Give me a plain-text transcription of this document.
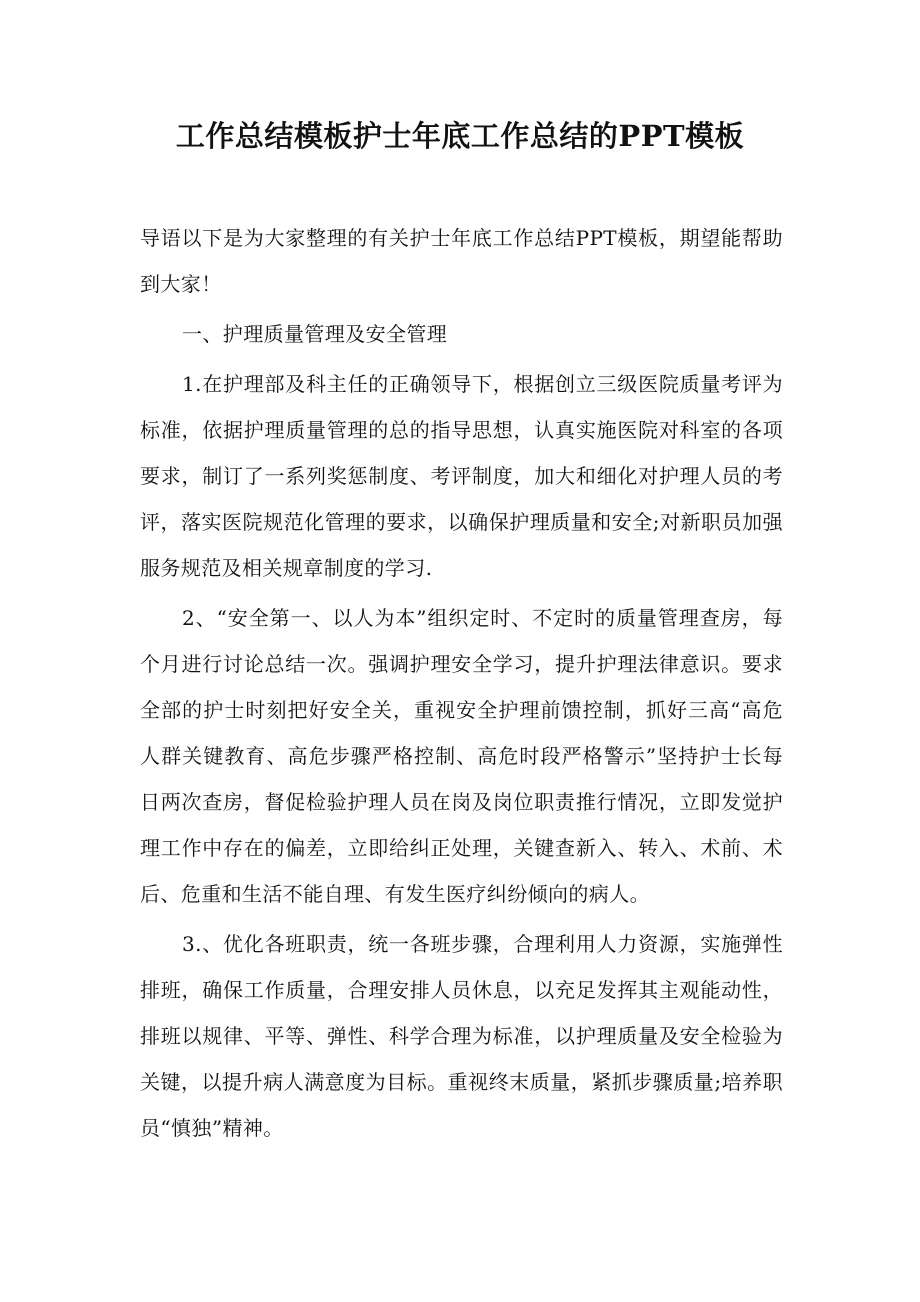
工作总结模板护士年底工作总结的PPT模板

导语以下是为大家整理的有关护士年底工作总结PPT模板，期望能帮助到大家！

一、护理质量管理及安全管理

1.在护理部及科主任的正确领导下，根据创立三级医院质量考评为标准，依据护理质量管理的总的指导思想，认真实施医院对科室的各项要求，制订了一系列奖惩制度、考评制度，加大和细化对护理人员的考评，落实医院规范化管理的要求，以确保护理质量和安全;对新职员加强服务规范及相关规章制度的学习.

2、“安全第一、以人为本”组织定时、不定时的质量管理查房，每个月进行讨论总结一次。强调护理安全学习，提升护理法律意识。要求全部的护士时刻把好安全关，重视安全护理前馈控制，抓好三高“高危人群关键教育、高危步骤严格控制、高危时段严格警示”坚持护士长每日两次查房，督促检验护理人员在岗及岗位职责推行情况，立即发觉护理工作中存在的偏差，立即给纠正处理，关键查新入、转入、术前、术后、危重和生活不能自理、有发生医疗纠纷倾向的病人。

3.、优化各班职责，统一各班步骤，合理利用人力资源，实施弹性排班，确保工作质量，合理安排人员休息，以充足发挥其主观能动性，排班以规律、平等、弹性、科学合理为标准，以护理质量及安全检验为关键，以提升病人满意度为目标。重视终末质量，紧抓步骤质量;培养职员“慎独”精神。
